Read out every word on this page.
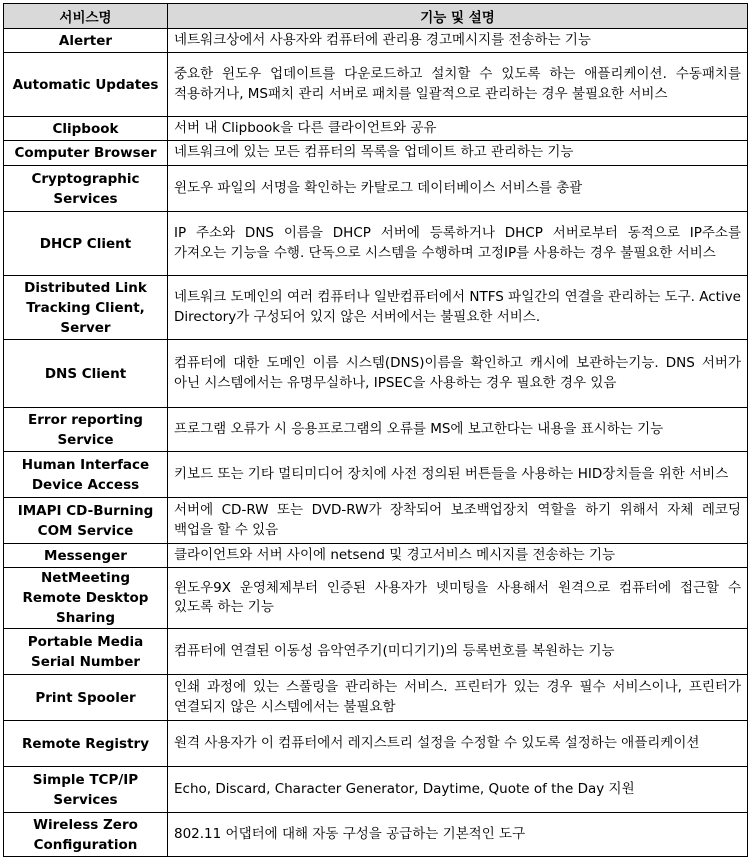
서비스명	기능 및 설명
Alerter	네트워크상에서 사용자와 컴퓨터에 관리용 경고메시지를 전송하는 기능
Automatic Updates	중요한 윈도우 업데이트를 다운로드하고 설치할 수 있도록 하는 애플리케이션. 수동패치를 적용하거나, MS패치 관리 서버로 패치를 일괄적으로 관리하는 경우 불필요한 서비스
Clipbook	서버 내 Clipbook을 다른 클라이언트와 공유
Computer Browser	네트워크에 있는 모든 컴퓨터의 목록을 업데이트 하고 관리하는 기능
Cryptographic Services	윈도우 파일의 서명을 확인하는 카탈로그 데이터베이스 서비스를 총괄
DHCP Client	IP 주소와 DNS 이름을 DHCP 서버에 등록하거나 DHCP 서버로부터 동적으로 IP주소를 가져오는 기능을 수행. 단독으로 시스템을 수행하며 고정IP를 사용하는 경우 불필요한 서비스
Distributed Link Tracking Client, Server	네트워크 도메인의 여러 컴퓨터나 일반컴퓨터에서 NTFS 파일간의 연결을 관리하는 도구. Active Directory가 구성되어 있지 않은 서버에서는 불필요한 서비스.
DNS Client	컴퓨터에 대한 도메인 이름 시스템(DNS)이름을 확인하고 캐시에 보관하는기능. DNS 서버가 아닌 시스템에서는 유명무실하나, IPSEC을 사용하는 경우 필요한 경우 있음
Error reporting Service	프로그램 오류가 시 응용프로그램의 오류를 MS에 보고한다는 내용을 표시하는 기능
Human Interface Device Access	키보드 또는 기타 멀티미디어 장치에 사전 정의된 버튼들을 사용하는 HID장치들을 위한 서비스
IMAPI CD-Burning COM Service	서버에 CD-RW 또는 DVD-RW가 장착되어 보조백업장치 역할을 하기 위해서 자체 레코딩 백업을 할 수 있음
Messenger	클라이언트와 서버 사이에 netsend 및 경고서비스 메시지를 전송하는 기능
NetMeeting Remote Desktop Sharing	윈도우9X 운영체제부터 인증된 사용자가 넷미팅을 사용해서 원격으로 컴퓨터에 접근할 수 있도록 하는 기능
Portable Media Serial Number	컴퓨터에 연결된 이동성 음악연주기(미디기기)의 등록번호를 복원하는 기능
Print Spooler	인쇄 과정에 있는 스풀링을 관리하는 서비스. 프린터가 있는 경우 필수 서비스이나, 프린터가 연결되지 않은 시스템에서는 불필요함
Remote Registry	원격 사용자가 이 컴퓨터에서 레지스트리 설정을 수정할 수 있도록 설정하는 애플리케이션
Simple TCP/IP Services	Echo, Discard, Character Generator, Daytime, Quote of the Day 지원
Wireless Zero Configuration	802.11 어댑터에 대해 자동 구성을 공급하는 기본적인 도구
